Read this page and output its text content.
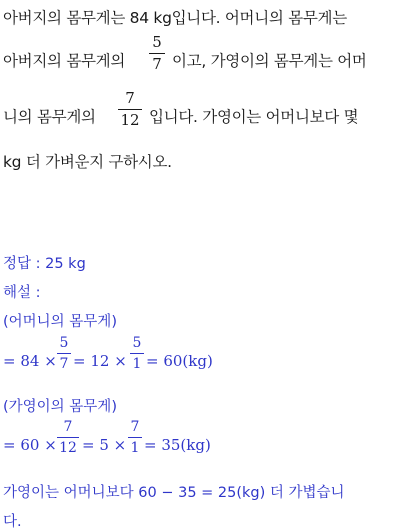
아버지의 몸무게는 84 kg입니다. 어머니의 몸무게는
아버지의 몸무게의
5
7 이고, 가영이의 몸무게는 어머
니의 몸무게의
7
12 입니다. 가영이는 어머니보다 몇
kg 더 가벼운지 구하시오.
정답 : 25 kg
해설 :
(어머니의 몸무게)
= 84 ×
5
7 = 12 ×
5
1 = 60(kg)
(가영이의 몸무게)
= 60 ×
7
12 = 5 ×
7
1 = 35(kg)
가영이는 어머니보다 60 − 35 = 25(kg) 더 가볍습니
다.
